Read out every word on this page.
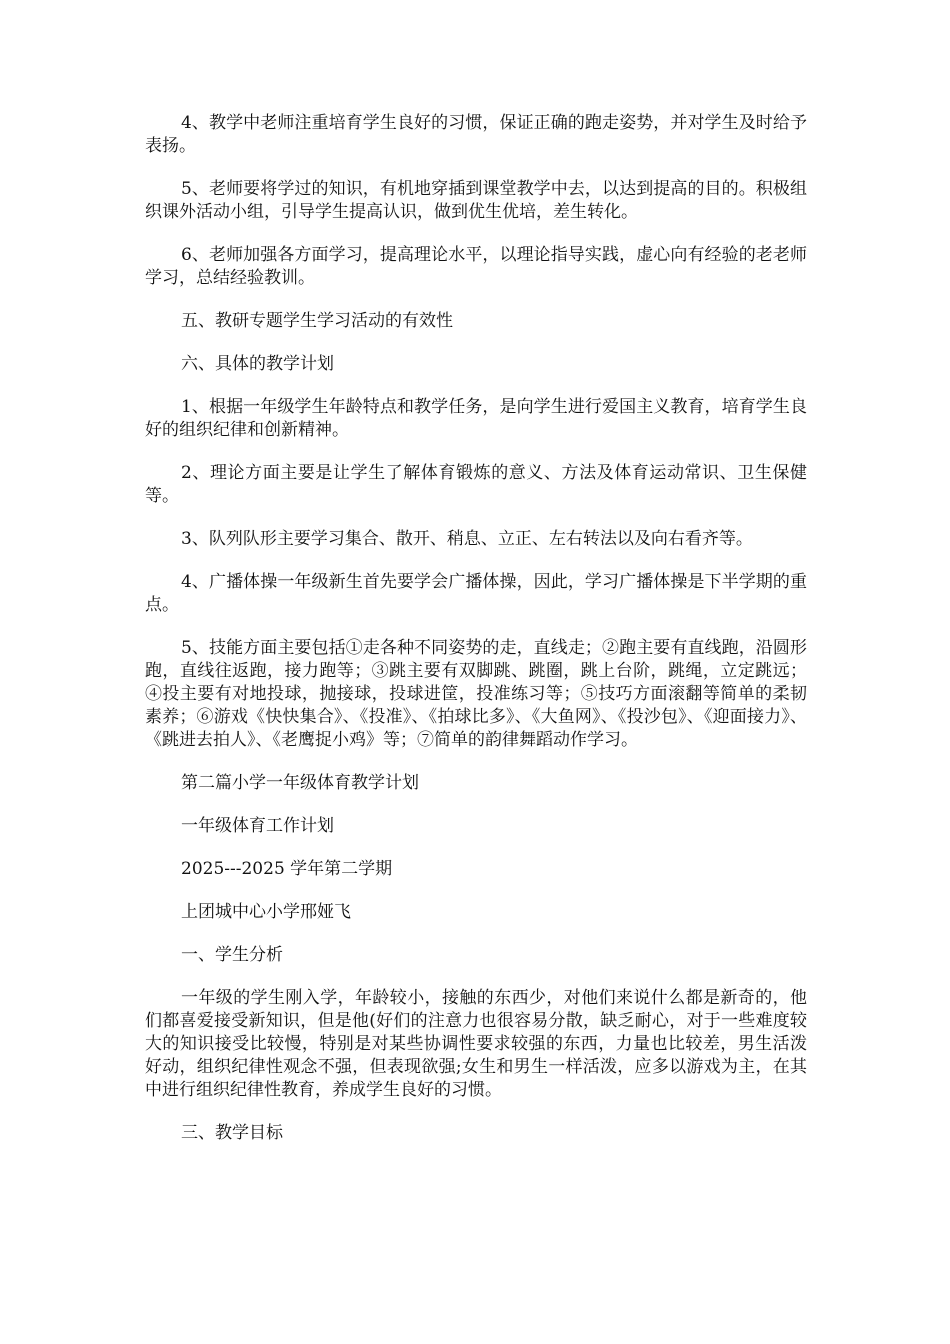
4、教学中老师注重培育学生良好的习惯，保证正确的跑走姿势，并对学生及时给予表扬。

5、老师要将学过的知识，有机地穿插到课堂教学中去，以达到提高的目的。积极组织课外活动小组，引导学生提高认识，做到优生优培，差生转化。

6、老师加强各方面学习，提高理论水平，以理论指导实践，虚心向有经验的老老师学习，总结经验教训。

五、教研专题学生学习活动的有效性

六、具体的教学计划

1、根据一年级学生年龄特点和教学任务，是向学生进行爱国主义教育，培育学生良好的组织纪律和创新精神。

2、理论方面主要是让学生了解体育锻炼的意义、方法及体育运动常识、卫生保健等。

3、队列队形主要学习集合、散开、稍息、立正、左右转法以及向右看齐等。

4、广播体操一年级新生首先要学会广播体操，因此，学习广播体操是下半学期的重点。

5、技能方面主要包括①走各种不同姿势的走，直线走；②跑主要有直线跑，沿圆形跑，直线往返跑，接力跑等；③跳主要有双脚跳、跳圈，跳上台阶，跳绳，立定跳远；④投主要有对地投球，抛接球，投球进筐，投准练习等；⑤技巧方面滚翻等简单的柔韧素养；⑥游戏《快快集合》、《投准》、《拍球比多》、《大鱼网》、《投沙包》、《迎面接力》、《跳进去拍人》、《老鹰捉小鸡》等；⑦简单的韵律舞蹈动作学习。

第二篇小学一年级体育教学计划

一年级体育工作计划

2025---2025 学年第二学期

上团城中心小学邢娅飞

一、学生分析

一年级的学生刚入学，年龄较小，接触的东西少，对他们来说什么都是新奇的，他们都喜爱接受新知识，但是他(好们的注意力也很容易分散，缺乏耐心，对于一些难度较大的知识接受比较慢，特别是对某些协调性要求较强的东西，力量也比较差，男生活泼好动，组织纪律性观念不强，但表现欲强;女生和男生一样活泼，应多以游戏为主，在其中进行组织纪律性教育，养成学生良好的习惯。

三、教学目标
